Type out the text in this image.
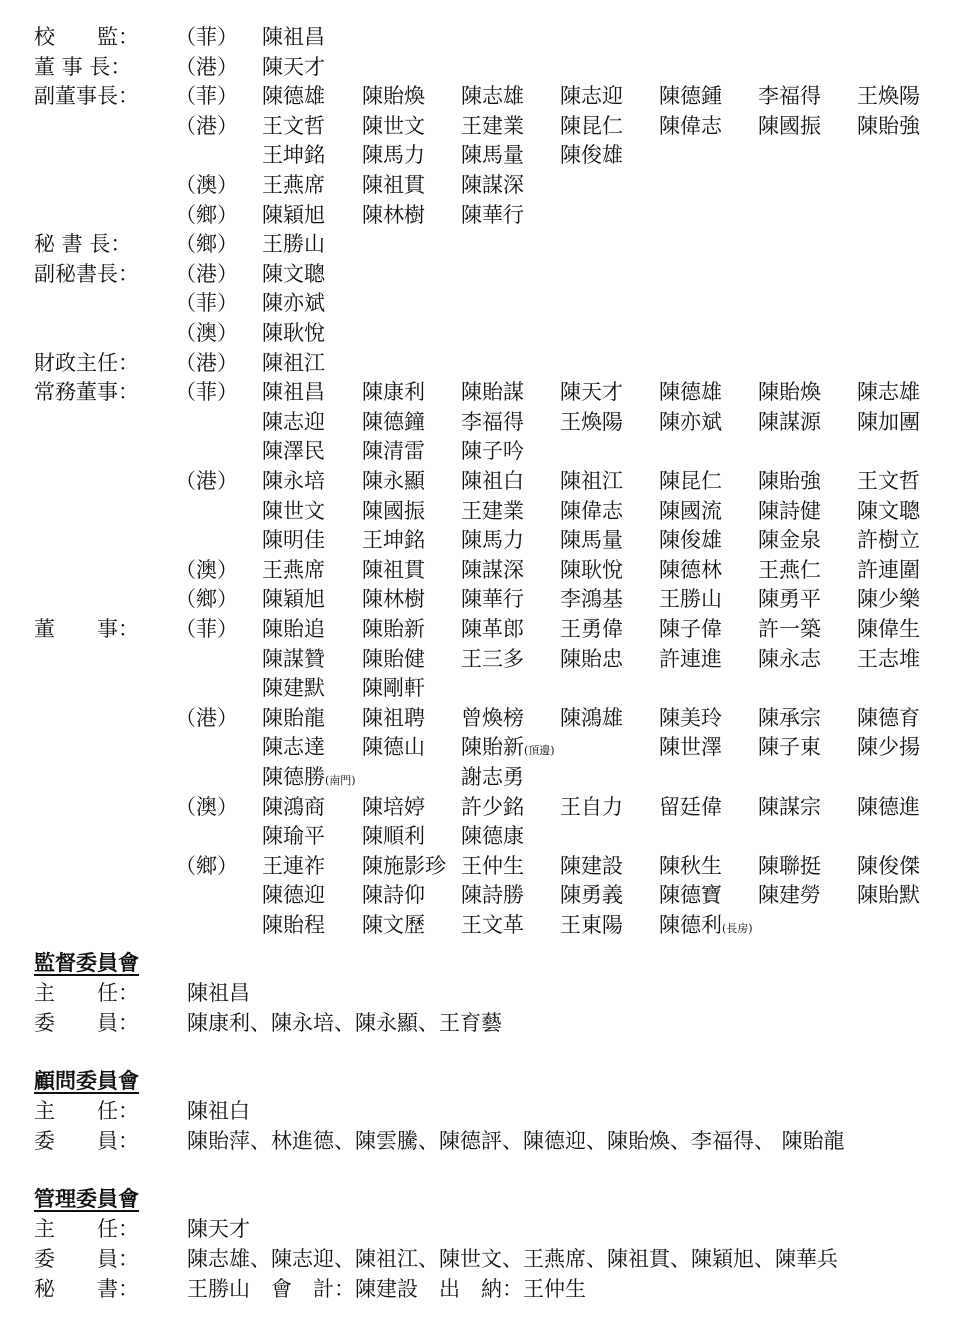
校　　監：	（菲）	陳祖昌
董 事 長：	（港）	陳天才
副董事長：	（菲）	陳德雄 陳貽煥 陳志雄 陳志迎 陳德鍾 李福得 王煥陽
（港）	王文哲 陳世文 王建業 陳昆仁 陳偉志 陳國振 陳貽強
王坤銘 陳馬力 陳馬量 陳俊雄
（澳）	王燕席 陳祖貫 陳謀深
（鄉）	陳穎旭 陳林樹 陳華行
秘 書 長：	（鄉）	王勝山
副秘書長：	（港）	陳文聰
（菲）	陳亦斌
（澳）	陳耿悅
財政主任：	（港）	陳祖江
常務董事：	（菲）	陳祖昌 陳康利 陳貽謀 陳天才 陳德雄 陳貽煥 陳志雄
陳志迎 陳德鐘 李福得 王煥陽 陳亦斌 陳謀源 陳加團
陳澤民 陳清雷 陳子吟
（港）	陳永培 陳永顯 陳祖白 陳祖江 陳昆仁 陳貽強 王文哲
陳世文 陳國振 王建業 陳偉志 陳國流 陳詩健 陳文聰
陳明佳 王坤銘 陳馬力 陳馬量 陳俊雄 陳金泉 許樹立
（澳）	王燕席 陳祖貫 陳謀深 陳耿悅 陳德林 王燕仁 許連圍
（鄉）	陳穎旭 陳林樹 陳華行 李鴻基 王勝山 陳勇平 陳少樂
董　　事：	（菲）	陳貽追 陳貽新 陳革郎 王勇偉 陳子偉 許一築 陳偉生
陳謀贊 陳貽健 王三多 陳貽忠 許連進 陳永志 王志堆
陳建默 陳剛軒
（港）	陳貽龍 陳祖聘 曾煥榜 陳鴻雄 陳美玲 陳承宗 陳德育
陳志達 陳德山 陳貽新(頂邊)	陳世澤 陳子東 陳少揚
陳德勝(南門)	謝志勇
（澳）	陳鴻商 陳培婷 許少銘 王自力 留廷偉 陳謀宗 陳德進
陳瑜平 陳順利 陳德康
（鄉）	王連祚 陳施影珍 王仲生 陳建設 陳秋生 陳聯挺 陳俊傑
陳德迎 陳詩仰 陳詩勝 陳勇義 陳德寶 陳建勞 陳貽默
陳貽程 陳文歷 王文革 王東陽 陳德利(長房)
監督委員會
主　　任： 陳祖昌
委　　員： 陳康利、陳永培、陳永顯、王育藝
顧問委員會
主　　任： 陳祖白
委　　員： 陳貽萍、林進德、陳雲騰、陳德評、陳德迎、陳貽煥、李福得、 陳貽龍
管理委員會
主　　任： 陳天才
委　　員： 陳志雄、陳志迎、陳祖江、陳世文、王燕席、陳祖貫、陳穎旭、陳華兵
秘　　書： 王勝山　會　計：陳建設　出　納：王仲生
